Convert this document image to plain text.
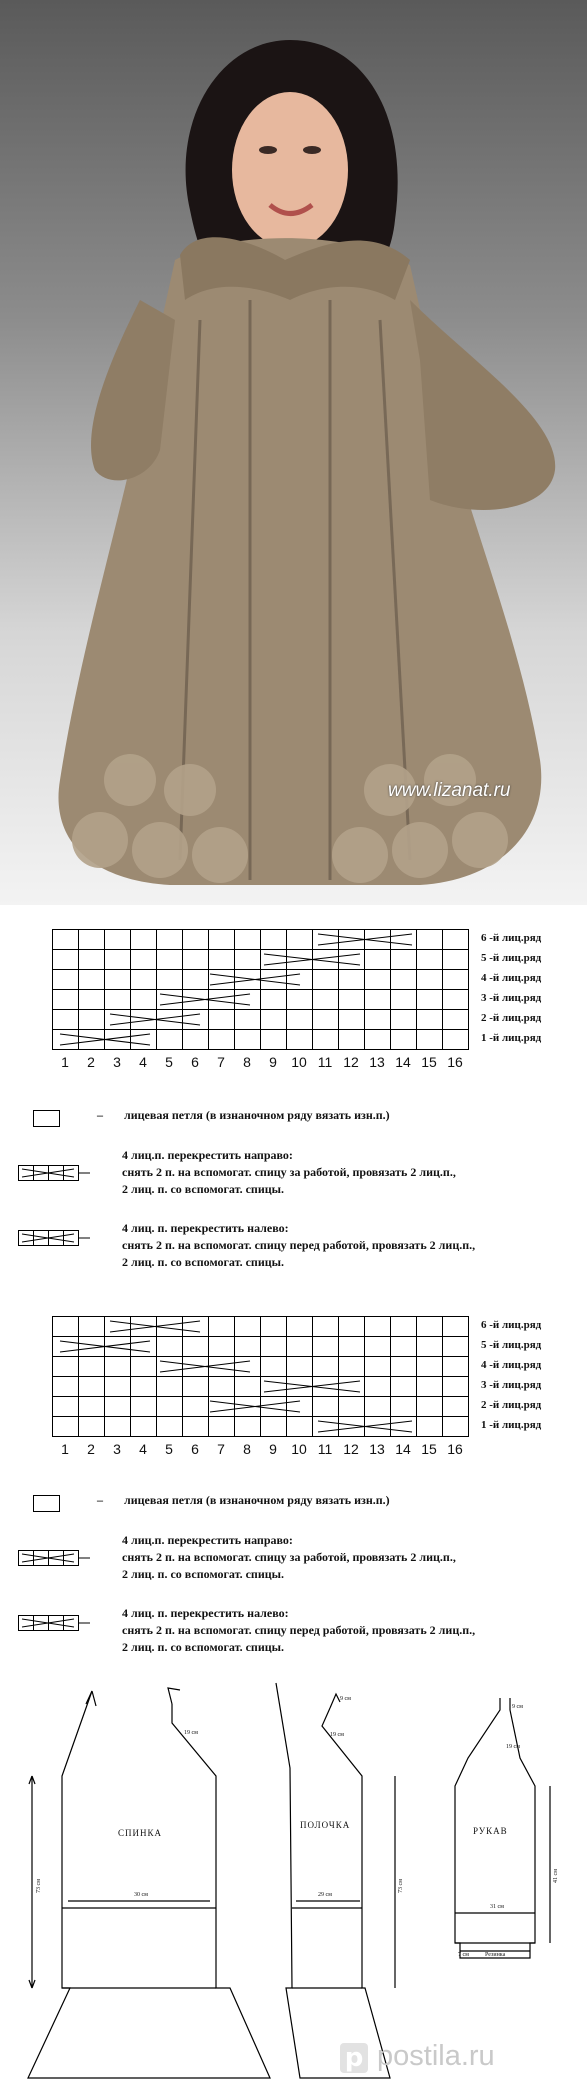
www.lizanat.ru
6 -й лиц.ряд
5 -й лиц.ряд
4 -й лиц.ряд
3 -й лиц.ряд
2 -й лиц.ряд
1 -й лиц.ряд
1	2	3	4	5	6	7	8	9	10 11 12 13 14 15 16
– лицевая петля (в изнаночном ряду вязать изн.п.)
4 лиц.п. перекрестить направо:
снять 2 п. на вспомогат. спицу за работой, провязать 2 лиц.п.,
2 лиц. п. со вспомогат. спицы.
4 лиц. п. перекрестить налево:
снять 2 п. на вспомогат. спицу перед работой, провязать 2 лиц.п.,
2 лиц. п. со вспомогат. спицы.
6 -й лиц.ряд
5 -й лиц.ряд
4 -й лиц.ряд
3 -й лиц.ряд
2 -й лиц.ряд
1 -й лиц.ряд
1	2	3	4	5	6	7	8	9	10 11 12 13 14 15 16
– лицевая петля (в изнаночном ряду вязать изн.п.)
4 лиц.п. перекрестить направо:
снять 2 п. на вспомогат. спицу за работой, провязать 2 лиц.п.,
2 лиц. п. со вспомогат. спицы.
4 лиц. п. перекрестить налево:
снять 2 п. на вспомогат. спицу перед работой, провязать 2 лиц.п.,
2 лиц. п. со вспомогат. спицы.
СПИНКА
19 см
30 см
73 см
ПОЛОЧКА
9 см
19 см
29 см
73 см
РУКАВ
9 см
19 см
31 см
41 см
7 см	Резинка
p postila.ru
